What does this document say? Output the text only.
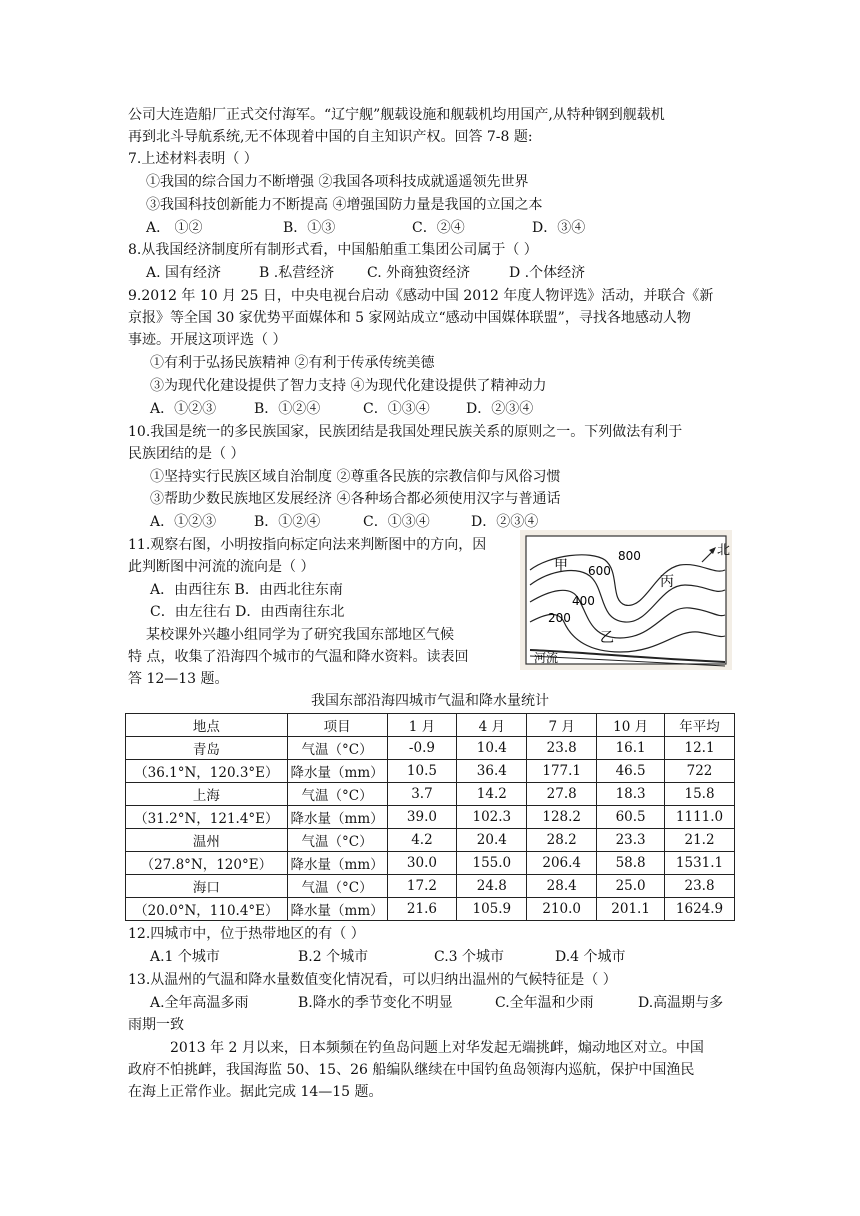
公司大连造船厂正式交付海军。“辽宁舰”舰载设施和舰载机均用国产,从特种钢到舰载机
再到北斗导航系统,无不体现着中国的自主知识产权。回答 7-8 题:
7.上述材料表明（ ）
①我国的综合国力不断增强 ②我国各项科技成就遥遥领先世界
③我国科技创新能力不断提高 ④增强国防力量是我国的立国之本
A． ①②	B．①③	C．②④	D．③④
8.从我国经济制度所有制形式看，中国船舶重工集团公司属于（ ）
A. 国有经济	B .私营经济 C. 外商独资经济	D .个体经济
9.2012 年 10 月 25 日，中央电视台启动《感动中国 2012 年度人物评选》活动，并联合《新
京报》等全国 30 家优势平面媒体和 5 家网站成立“感动中国媒体联盟”，寻找各地感动人物
事迹。开展这项评选（ ）
①有利于弘扬民族精神 ②有利于传承传统美德
③为现代化建设提供了智力支持 ④为现代化建设提供了精神动力
A．①②③	B．①②④	C．①③④	D．②③④
10.我国是统一的多民族国家，民族团结是我国处理民族关系的原则之一。下列做法有利于
民族团结的是（ ）
①坚持实行民族区域自治制度 ②尊重各民族的宗教信仰与风俗习惯
③帮助少数民族地区发展经济 ④各种场合都必须使用汉字与普通话
A．①②③	B．①②④	C．①③④	D．②③④
11.观察右图，小明按指向标定向法来判断图中的方向，因
此判断图中河流的流向是（ ）
A．由西往东 B．由西北往东南
C．由左往右 D．由西南往东北
北
甲
乙
丙
200
400
600
800
河流
某校课外兴趣小组同学为了研究我国东部地区气候
特 点，收集了沿海四个城市的气温和降水资料。读表回
答 12—13 题。
我国东部沿海四城市气温和降水量统计
地点	项目	1 月	4 月	7 月	10 月	年平均
青岛	气温（°C）	-0.9	10.4	23.8	16.1	12.1
（36.1°N，120.3°E）	降水量（mm）	10.5	36.4	177.1	46.5	722
上海	气温（°C）	3.7	14.2	27.8	18.3	15.8
（31.2°N，121.4°E）	降水量（mm）	39.0	102.3	128.2	60.5	1111.0
温州	气温（°C）	4.2	20.4	28.2	23.3	21.2
（27.8°N，120°E）	降水量（mm）	30.0	155.0	206.4	58.8	1531.1
海口	气温（°C）	17.2	24.8	28.4	25.0	23.8
（20.0°N，110.4°E）	降水量（mm）	21.6	105.9	210.0	201.1	1624.9
12.四城市中，位于热带地区的有（ ）
A.1 个城市	B.2 个城市	C.3 个城市	D.4 个城市
13.从温州的气温和降水量数值变化情况看，可以归纳出温州的气候特征是（ ）
A.全年高温多雨	B.降水的季节变化不明显	C.全年温和少雨	D.高温期与多
雨期一致
2013 年 2 月以来，日本频频在钓鱼岛问题上对华发起无端挑衅，煽动地区对立。中国
政府不怕挑衅，我国海监 50、15、26 船编队继续在中国钓鱼岛领海内巡航，保护中国渔民
在海上正常作业。据此完成 14—15 题。
